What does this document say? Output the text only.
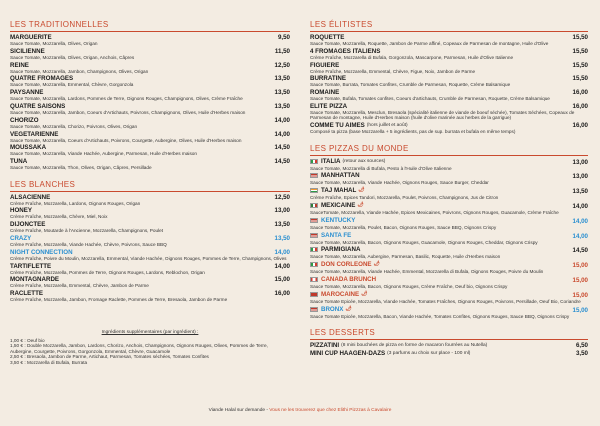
LES TRADITIONNELLES
MARGUERITE	9,50
Sauce Tomate, Mozzarella, Olives, Origan
SICILIENNE	11,50
Sauce Tomate, Mozzarella, Olives, Origan, Anchois, Câpres
REINE	12,50
Sauce Tomate, Mozzarella, Jambon, Champignons, Olives, Origan
QUATRE FROMAGES	13,50
Sauce Tomate, Mozzarella, Emmental, Chèvre, Gorgonzola
PAYSANNE	13,50
Sauce Tomate, Mozzarella, Lardons, Pommes de Terre, Oignons Rouges, Champignons, Olives, Crème Fraîche
QUATRE SAISONS	13,50
Sauce Tomate, Mozzarella, Jambon, Coeurs d'Artichauts, Poivrons, Champignons, Olives, Huile d'Herbes maison
CHORIZO	14,00
Sauce Tomate, Mozzarella, Chorizo, Poivrons, Olives, Origan
VEGETARIENNE	14,00
Sauce Tomate, Mozzarella, Coeurs d'Artichauts, Poivrons, Courgette, Aubergine, Olives, Huile d'Herbes maison
MOUSSAKA	14,50
Sauce Tomate, Mozzarella, Viande Hachée, Aubergine, Parmesan, Huile d'Herbes maison
TUNA	14,50
Sauce Tomate, Mozzarella, Thon, Olives, Origan, Câpres, Persillade
LES BLANCHES
ALSACIENNE	12,50
Crème Fraîche, Mozzarella, Lardons, Oignons Rouges, Origan
HONEY	13,00
Crème Fraîche, Mozzarella, Chèvre, Miel, Noix
DIJONCTEE	13,50
Crème Fraîche, Moutarde à l'Ancienne, Mozzarella, Champignons, Poulet
CRAZY	13,50
Crème Fraîche, Mozzarella, Viande Hachée, Chèvre, Poivrons, Sauce BBQ
NIGHT CONNECTION	14,00
Crème Fraîche, Poivre du Moulin, Mozzarella, Emmental, Viande Hachée, Oignons Rouges, Pommes de Terre, Champignons, Olives
TARTIFLETTE	14,00
Crème Fraîche, Mozzarella, Pommes de Terre, Oignons Rouges, Lardons, Reblochon, Origan
MONTAGNARDE	15,00
Crème Fraîche, Mozzarella, Emmental, Chèvre, Jambon de Parme
RACLETTE	16,00
Crème Fraîche, Mozzarella, Jambon, Fromage Raclette, Pommes de Terre, Bresaola, Jambon de Parme
Ingrédients supplémentaires (par ingrédient) :
1,00 € : Oeuf bio
1,50 € : Double Mozzarella, Jambon, Lardons, Chorizo, Anchois, Champignons, Oignons Rouges, Olives, Pommes de Terre,
Aubergine, Courgette, Poivrons, Gorgonzola, Emmental, Chèvre, Guacamole
2,50 € : Bresaola, Jambon de Parme, Artichaut, Parmesan, Tomates séchées, Tomates Confites
3,50 € : Mozzarella di Bufala, Burrata
LES ÉLITISTES
ROQUETTE	15,50
Sauce Tomate, Mozzarella, Roquette, Jambon de Parme affiné, Copeaux de Parmesan de montagne, Huile d'Olive
4 FROMAGES ITALIENS	15,50
Crème Fraîche, Mozzarella di Bufala, Gorgonzola, Mascarpone, Parmesan, Huile d'Olive Italienne
FIGUIERE	15,50
Crème Fraîche, Mozzarella, Emmental, Chèvre, Figue, Noix, Jambon de Parme
BURRATINE	15,50
Sauce Tomate, Burrata, Tomates Confites, Crumble de Parmesan, Roquette, Crème Balsamique
ROMAINE	16,00
Sauce Tomate, Bufala, Tomates confites, Coeurs d'artichauts, Crumble de Parmesan, Roquette, Crème Balsamique
ELITE PIZZA	16,00
Sauce Tomate, Mozzarella, Mesclun, Bresaola (spécialité italienne de viande de boeuf séchée), Tomates Séchées, Copeaux de Parmesan de montagne, Huile d'Herbes maison (huile d'olive marinée aux herbes de la garrigue)
COMME TU AIMES (hors juillet et août)	16,00
Composé ta pizza (base Mozzarella + 5 ingrédients, pas de sup. burrata et bufala en même temps)
LES PIZZAS DU MONDE
ITALIA (retour aux sources)	13,00
Sauce Tomate, Mozzarella di Bufala, Pesto à l'Huile d'Olive Italienne
MANHATTAN	13,00
Sauce Tomate, Mozzarella, Viande Hachée, Oignons Rouges, Sauce Burger, Cheddar
TAJ MAHAL 🌶	13,50
Crème Fraîche, Epices Tandori, Mozzarella, Poulet, Poivrons, Champignons, Jus de Citron
MEXICAINE 🌶	14,00
SauceTomate, Mozzarella, Viande Hachée, Epices Mexicaines, Poivrons, Oignons Rouges, Guacamole, Crème Fraîche
KENTUCKY	14,00
Sauce Tomate, Mozzarella, Poulet, Bacon, Oignons Rouges, Sauce BBQ, Oignons Crispy
SANTA FE	14,00
Sauce Tomate, Mozzarella, Bacon, Oignons Rouges, Guacamole, Oignons Rouges, Cheddar, Oignons Crispy
PARMIGIANA	14,50
Sauce Tomate, Mozzarella, Aubergine, Parmesan, Basilic, Roquette, Huile d'Herbes maison
DON CORLEONE 🌶	15,00
Sauce Tomate, Mozzarella, Viande Hachée, Emmental, Mozzarella di Bufala, Oignons Rouges, Poivre du Moulin
CANADA BRUNCH	15,00
Sauce Tomate, Mozzarella, Bacon, Oignons Rouges, Crème Fraîche, Oeuf bio, Oignons Crispy
MAROCAINE 🌶	15,00
Sauce Tomate Epicée, Mozzarella, Viande Hachée, Tomates Fraîches, Oignons Rouges, Poivrons, Persillade, Oeuf Bio, Coriandre
BRONX 🌶	15,00
Sauce Tomate Epicée, Mozzarella, Bacon, Viande Hachée, Tomates Confites, Oignons Rouges, Sauce BBQ, Oignons Crispy
LES DESSERTS
PIZZATINI (8 mini bouchées de pizza en forme de macaron fourrées au Nutella)	6,50
MINI CUP HAAGEN-DAZS (3 parfums au choix sur place - 100 ml)	3,50
Viande Halal sur demande - Vous ne les trouverez que chez Elithi Pizzzas à Cavalaire
